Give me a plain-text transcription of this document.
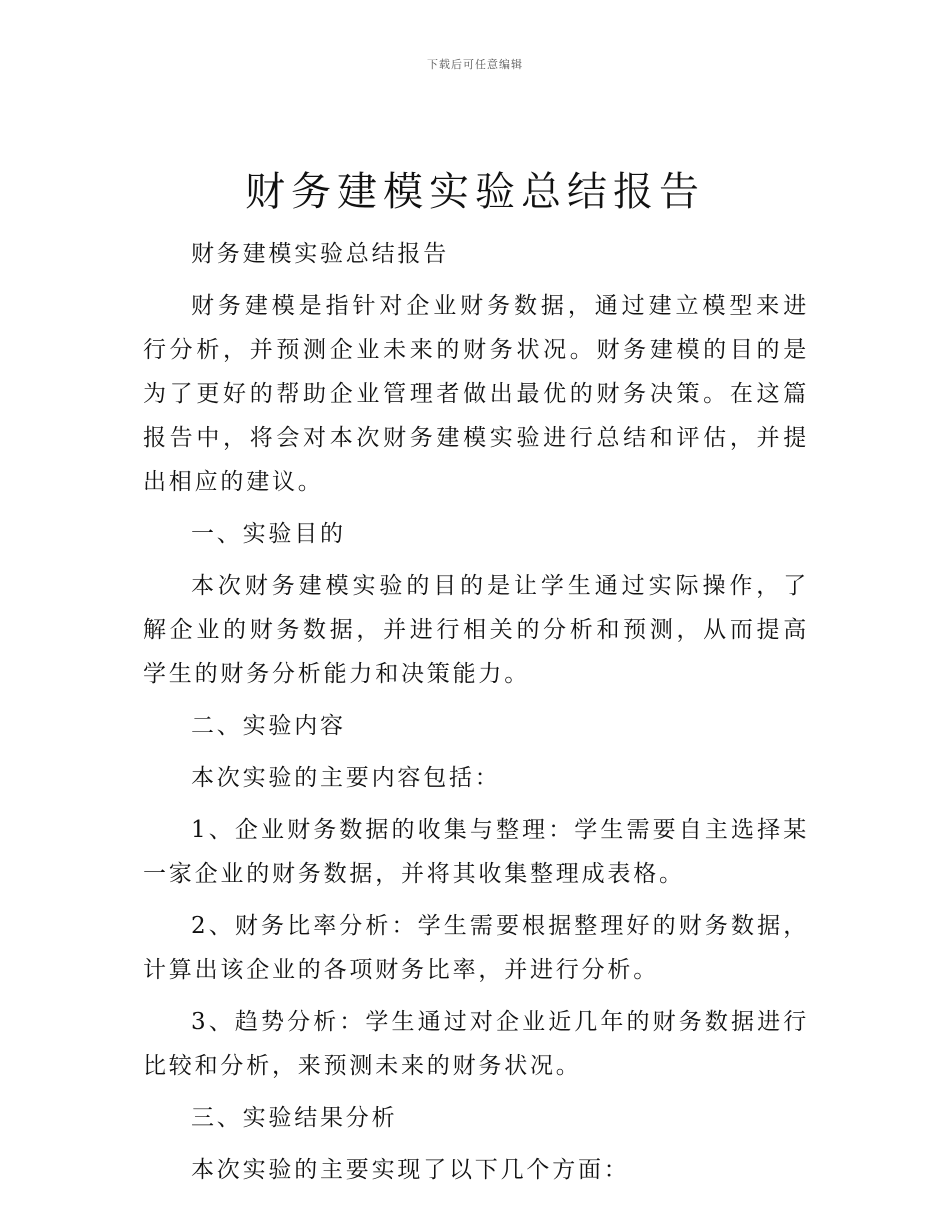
下载后可任意编辑
财务建模实验总结报告

财务建模实验总结报告

财务建模是指针对企业财务数据，通过建立模型来进行分析，并预测企业未来的财务状况。财务建模的目的是为了更好的帮助企业管理者做出最优的财务决策。在这篇报告中，将会对本次财务建模实验进行总结和评估，并提出相应的建议。

一、实验目的

本次财务建模实验的目的是让学生通过实际操作，了解企业的财务数据，并进行相关的分析和预测，从而提高学生的财务分析能力和决策能力。

二、实验内容

本次实验的主要内容包括：

1、企业财务数据的收集与整理：学生需要自主选择某一家企业的财务数据，并将其收集整理成表格。

2、财务比率分析：学生需要根据整理好的财务数据，计算出该企业的各项财务比率，并进行分析。

3、趋势分析：学生通过对企业近几年的财务数据进行比较和分析，来预测未来的财务状况。

三、实验结果分析

本次实验的主要实现了以下几个方面：
